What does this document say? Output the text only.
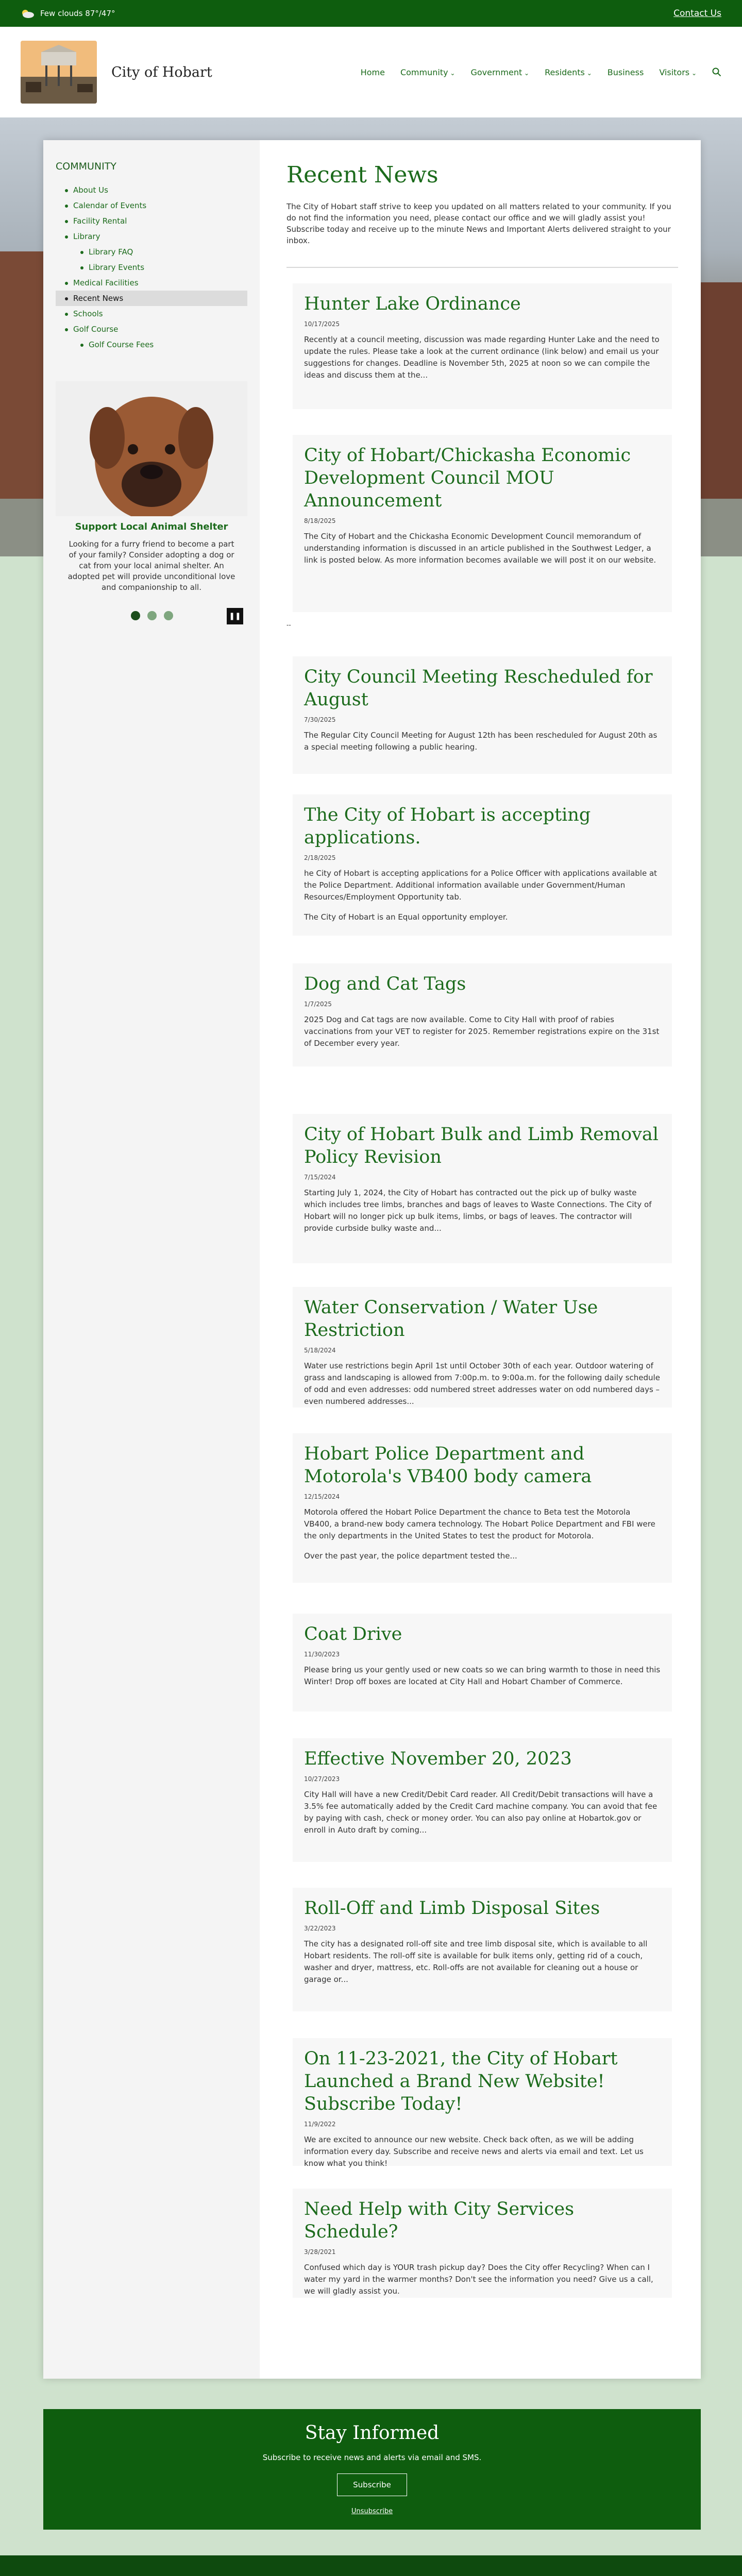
Few clouds 87°/47°	Contact Us
City of Hobart	Home Community ⌄	Government ⌄	Residents ⌄	Business Visitors ⌄
COMMUNITY
About Us
Calendar of Events
Facility Rental
Library
Library FAQ
Library Events
Medical Facilities
Recent News
Schools
Golf Course
Golf Course Fees
Support Local Animal Shelter
Looking for a furry friend to become a part of your family? Consider adopting a dog or cat from your local animal shelter. An adopted pet will provide unconditional love and companionship to all.
❚❚
Recent News
The City of Hobart staff strive to keep you updated on all matters related to your community. If you do not find the information you need, please contact our office and we will gladly assist you! Subscribe today and receive up to the minute News and Important Alerts delivered straight to your inbox.
Hunter Lake Ordinance
10/17/2025

Recently at a council meeting, discussion was made regarding Hunter Lake and the need to update the rules. Please take a look at the current ordinance (link below) and email us your suggestions for changes. Deadline is November 5th, 2025 at noon so we can compile the ideas and discuss them at the...

City of Hobart/Chickasha Economic Development Council MOU Announcement
8/18/2025

The City of Hobart and the Chickasha Economic Development Council memorandum of understanding information is discussed in an article published in the Southwest Ledger, a link is posted below. As more information becomes available we will post it on our website.

--
City Council Meeting Rescheduled for August
7/30/2025

The Regular City Council Meeting for August 12th has been rescheduled for August 20th as a special meeting following a public hearing.

The City of Hobart is accepting applications.
2/18/2025

he City of Hobart is accepting applications for a Police Officer with applications available at the Police Department. Additional information available under Government/Human Resources/Employment Opportunity tab.

The City of Hobart is an Equal opportunity employer.

Dog and Cat Tags
1/7/2025

2025 Dog and Cat tags are now available. Come to City Hall with proof of rabies vaccinations from your VET to register for 2025. Remember registrations expire on the 31st of December every year.

City of Hobart Bulk and Limb Removal Policy Revision
7/15/2024

Starting July 1, 2024, the City of Hobart has contracted out the pick up of bulky waste which includes tree limbs, branches and bags of leaves to Waste Connections. The City of Hobart will no longer pick up bulk items, limbs, or bags of leaves. The contractor will provide curbside bulky waste and...

Water Conservation / Water Use Restriction
5/18/2024

Water use restrictions begin April 1st until October 30th of each year. Outdoor watering of grass and landscaping is allowed from 7:00p.m. to 9:00a.m. for the following daily schedule of odd and even addresses: odd numbered street addresses water on odd numbered days – even numbered addresses...

Hobart Police Department and Motorola's VB400 body camera
12/15/2024

Motorola offered the Hobart Police Department the chance to Beta test the Motorola VB400, a brand-new body camera technology. The Hobart Police Department and FBI were the only departments in the United States to test the product for Motorola.

Over the past year, the police department tested the...

Coat Drive
11/30/2023

Please bring us your gently used or new coats so we can bring warmth to those in need this Winter! Drop off boxes are located at City Hall and Hobart Chamber of Commerce.

Effective November 20, 2023
10/27/2023

City Hall will have a new Credit/Debit Card reader. All Credit/Debit transactions will have a 3.5% fee automatically added by the Credit Card machine company. You can avoid that fee by paying with cash, check or money order. You can also pay online at Hobartok.gov or enroll in Auto draft by coming...

Roll-Off and Limb Disposal Sites
3/22/2023

The city has a designated roll-off site and tree limb disposal site, which is available to all Hobart residents. The roll-off site is available for bulk items only, getting rid of a couch, washer and dryer, mattress, etc. Roll-offs are not available for cleaning out a house or garage or...

On 11-23-2021, the City of Hobart Launched a Brand New Website! Subscribe Today!
11/9/2022

We are excited to announce our new website. Check back often, as we will be adding information every day. Subscribe and receive news and alerts via email and text. Let us know what you think!

Need Help with City Services Schedule?
3/28/2021

Confused which day is YOUR trash pickup day? Does the City offer Recycling? When can I water my yard in the warmer months? Don't see the information you need? Give us a call, we will gladly assist you.

Stay Informed

Subscribe to receive news and alerts via email and SMS.

Subscribe
Unsubscribe
